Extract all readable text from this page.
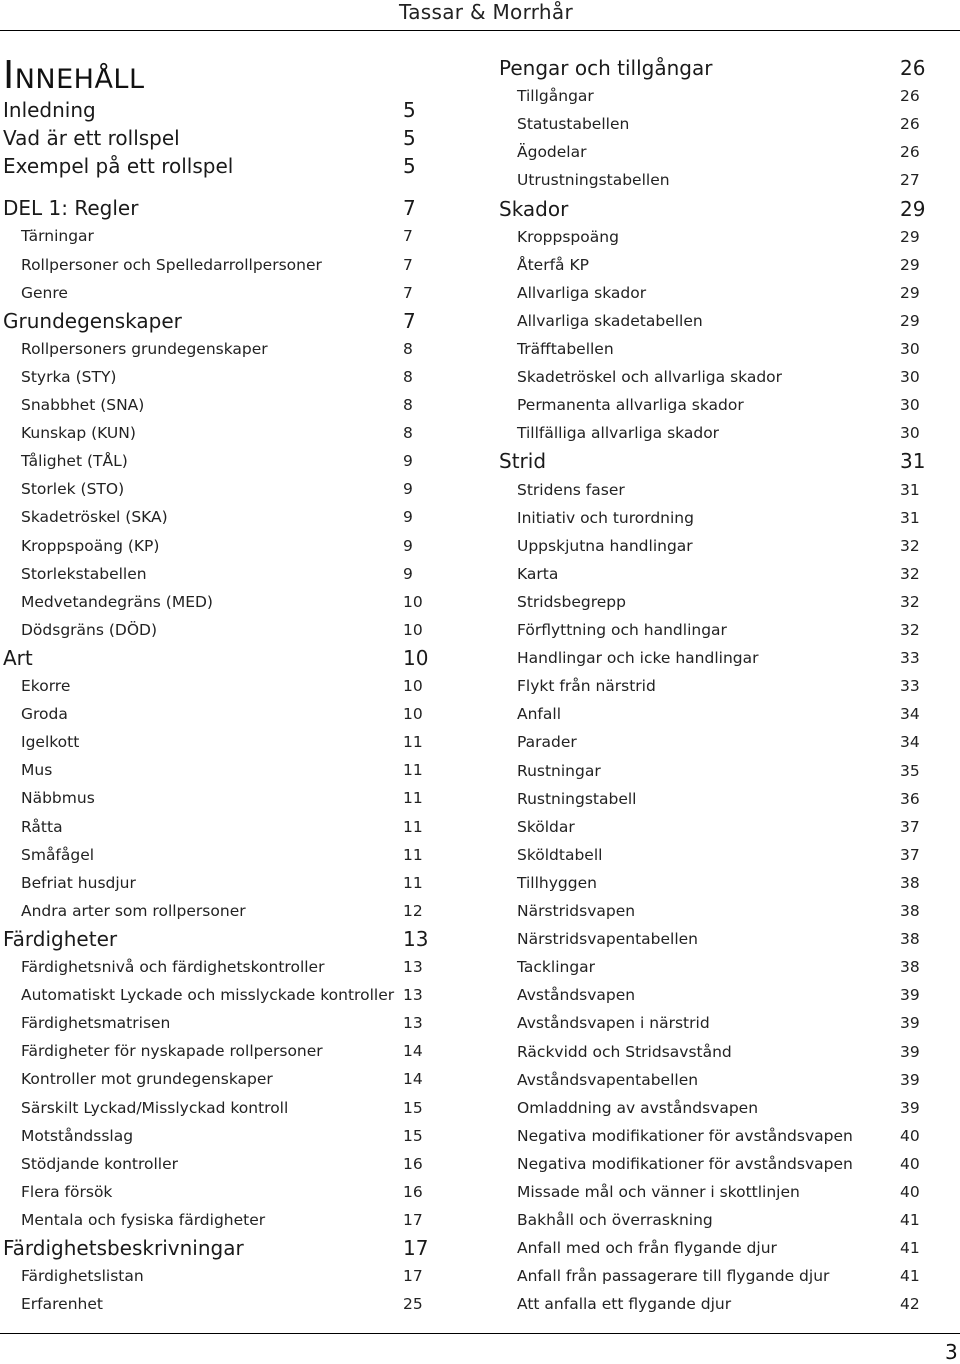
Tassar & Morrhår
Innehåll
Inledning	5
Vad är ett rollspel	5
Exempel på ett rollspel	5
DEL 1: Regler	7
Tärningar	7
Rollpersoner och Spelledarrollpersoner	7
Genre	7
Grundegenskaper	7
Rollpersoners grundegenskaper	8
Styrka (STY)	8
Snabbhet (SNA)	8
Kunskap (KUN)	8
Tålighet (TÅL)	9
Storlek (STO)	9
Skadetröskel (SKA)	9
Kroppspoäng (KP)	9
Storlekstabellen	9
Medvetandegräns (MED)	10
Dödsgräns (DÖD)	10
Art	10
Ekorre	10
Groda	10
Igelkott	11
Mus	11
Näbbmus	11
Råtta	11
Småfågel	11
Befriat husdjur	11
Andra arter som rollpersoner	12
Färdigheter	13
Färdighetsnivå och färdighetskontroller	13
Automatiskt Lyckade och misslyckade kontroller 13
Färdighetsmatrisen	13
Färdigheter för nyskapade rollpersoner	14
Kontroller mot grundegenskaper	14
Särskilt Lyckad/Misslyckad kontroll	15
Motståndsslag	15
Stödjande kontroller	16
Flera försök	16
Mentala och fysiska färdigheter	17
Färdighetsbeskrivningar	17
Färdighetslistan	17
Erfarenhet	25
Pengar och tillgångar	26
Tillgångar	26
Statustabellen	26
Ägodelar	26
Utrustningstabellen	27
Skador	29
Kroppspoäng	29
Återfå KP	29
Allvarliga skador	29
Allvarliga skadetabellen	29
Träfftabellen	30
Skadetröskel och allvarliga skador	30
Permanenta allvarliga skador	30
Tillfälliga allvarliga skador	30
Strid	31
Stridens faser	31
Initiativ och turordning	31
Uppskjutna handlingar	32
Karta	32
Stridsbegrepp	32
Förflyttning och handlingar	32
Handlingar och icke handlingar	33
Flykt från närstrid	33
Anfall	34
Parader	34
Rustningar	35
Rustningstabell	36
Sköldar	37
Sköldtabell	37
Tillhyggen	38
Närstridsvapen	38
Närstridsvapentabellen	38
Tacklingar	38
Avståndsvapen	39
Avståndsvapen i närstrid	39
Räckvidd och Stridsavstånd	39
Avståndsvapentabellen	39
Omladdning av avståndsvapen	39
Negativa modifikationer för avståndsvapen	40
Negativa modifikationer för avståndsvapen	40
Missade mål och vänner i skottlinjen	40
Bakhåll och överraskning	41
Anfall med och från flygande djur	41
Anfall från passagerare till flygande djur	41
Att anfalla ett flygande djur	42
3
